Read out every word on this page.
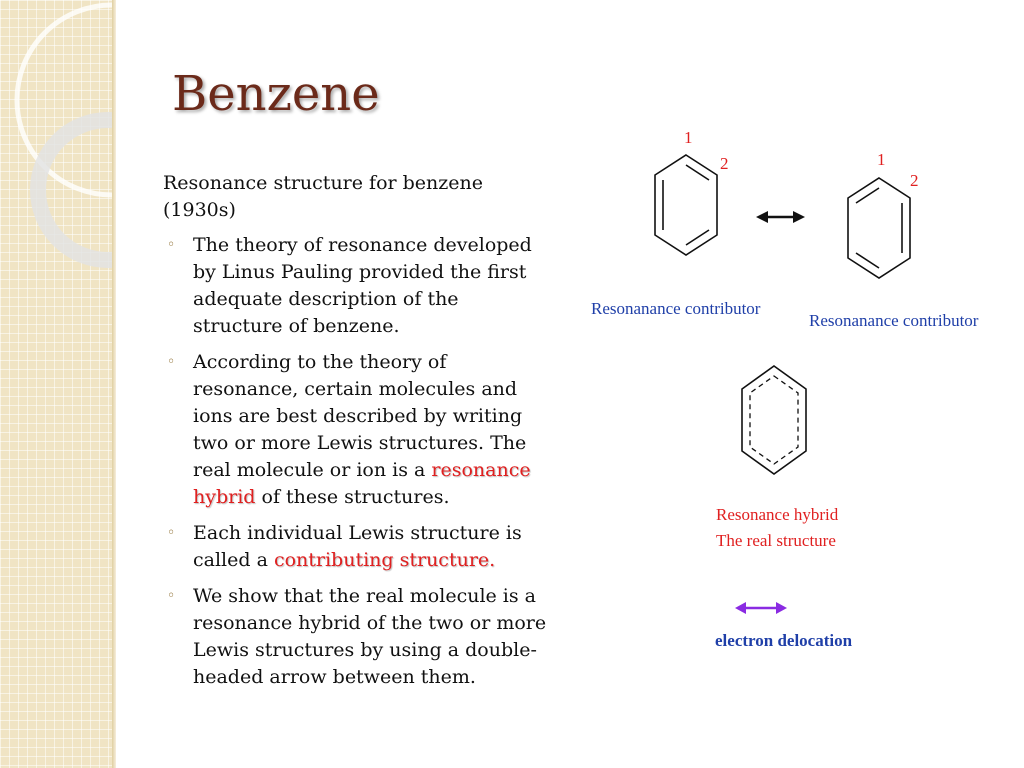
Benzene
Resonance structure for benzene (1930s)
◦ The theory of resonance developed by Linus Pauling provided the first adequate description of the structure of benzene.
◦ According to the theory of resonance, certain molecules and ions are best described by writing two or more Lewis structures. The real molecule or ion is a resonance hybrid of these structures.
◦ Each individual Lewis structure is called a contributing structure.
◦ We show that the real molecule is a resonance hybrid of the two or more Lewis structures by using a double-headed arrow between them.
1
2	1
2
Resonanance contributor
Resonanance contributor
Resonance hybrid
The real structure
electron delocation
